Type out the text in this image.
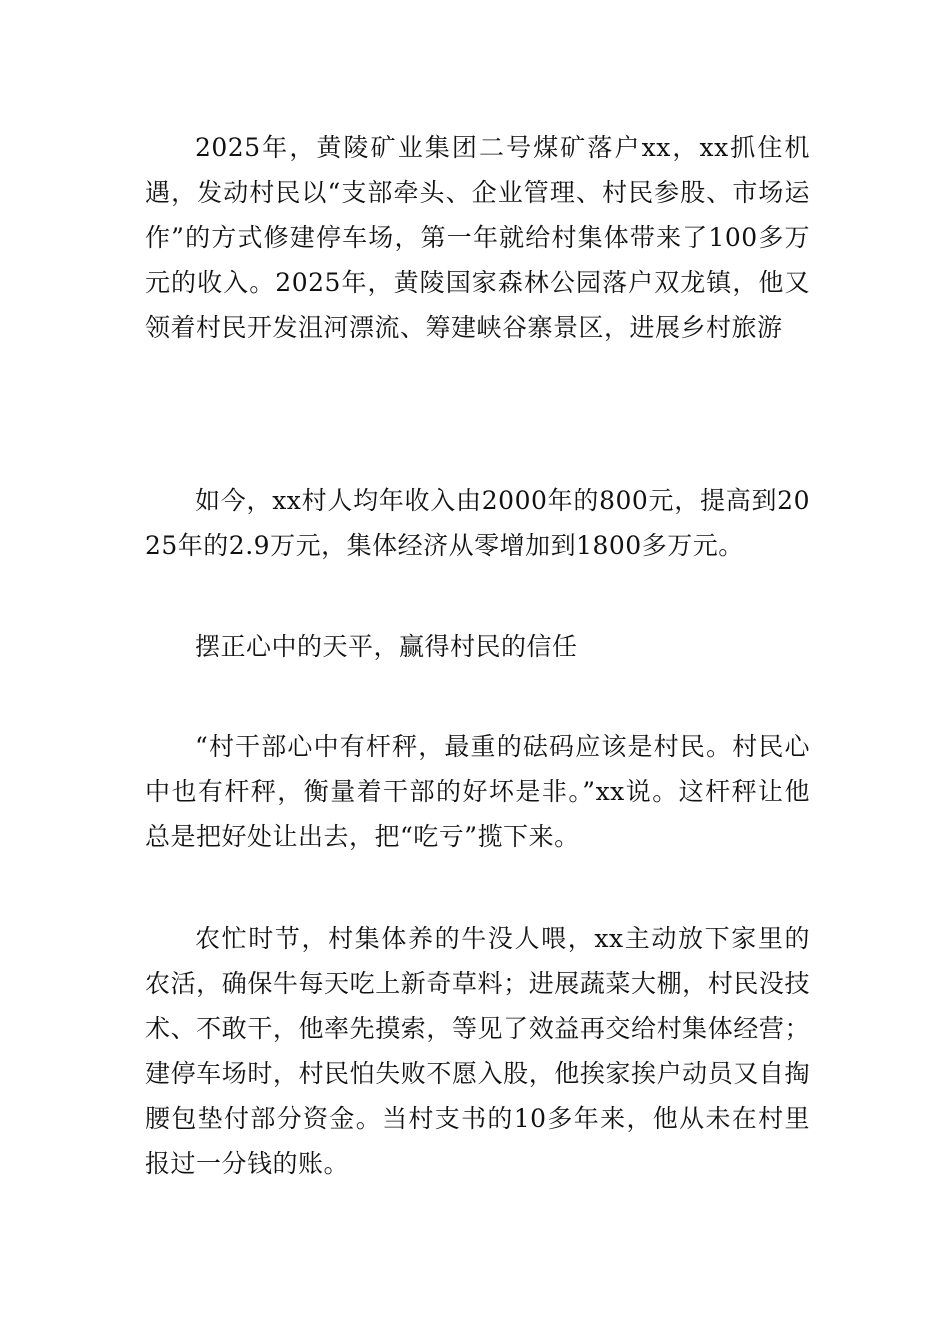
2025年，黄陵矿业集团二号煤矿落户xx，xx抓住机遇，发动村民以“支部牵头、企业管理、村民参股、市场运作”的方式修建停车场，第一年就给村集体带来了100多万元的收入。2025年，黄陵国家森林公园落户双龙镇，他又领着村民开发沮河漂流、筹建峡谷寨景区，进展乡村旅游

如今，xx村人均年收入由2000年的800元，提高到2025年的2.9万元，集体经济从零增加到1800多万元。

摆正心中的天平，赢得村民的信任

“村干部心中有杆秤，最重的砝码应该是村民。村民心中也有杆秤，衡量着干部的好坏是非。”xx说。这杆秤让他总是把好处让出去，把“吃亏”揽下来。

农忙时节，村集体养的牛没人喂，xx主动放下家里的农活，确保牛每天吃上新奇草料；进展蔬菜大棚，村民没技术、不敢干，他率先摸索，等见了效益再交给村集体经营；建停车场时，村民怕失败不愿入股，他挨家挨户动员又自掏腰包垫付部分资金。当村支书的10多年来，他从未在村里报过一分钱的账。
